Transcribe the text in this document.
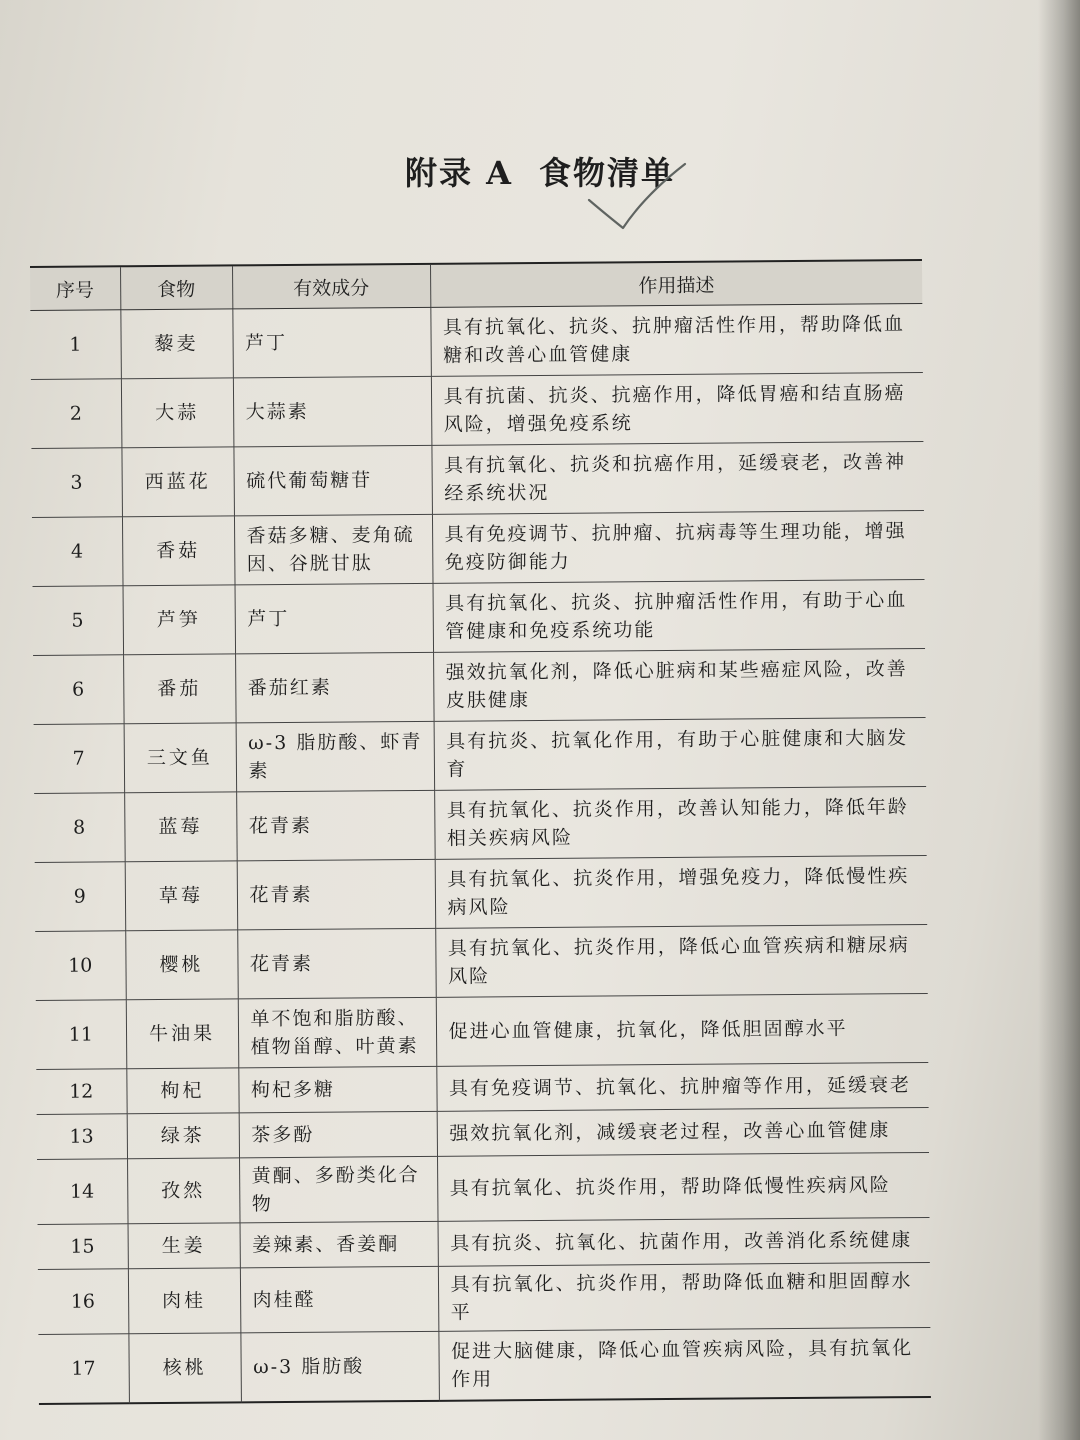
附录 A 食物清单
序号	食物	有效成分	作用描述
1	藜麦	芦丁	具有抗氧化、抗炎、抗肿瘤活性作用，帮助降低血糖和改善心血管健康
2	大蒜	大蒜素	具有抗菌、抗炎、抗癌作用，降低胃癌和结直肠癌风险，增强免疫系统
3	西蓝花	硫代葡萄糖苷	具有抗氧化、抗炎和抗癌作用，延缓衰老，改善神经系统状况
4	香菇	香菇多糖、麦角硫因、谷胱甘肽	具有免疫调节、抗肿瘤、抗病毒等生理功能，增强免疫防御能力
5	芦笋	芦丁	具有抗氧化、抗炎、抗肿瘤活性作用，有助于心血管健康和免疫系统功能
6	番茄	番茄红素	强效抗氧化剂，降低心脏病和某些癌症风险，改善皮肤健康
7	三文鱼	ω-3 脂肪酸、虾青素	具有抗炎、抗氧化作用，有助于心脏健康和大脑发育
8	蓝莓	花青素	具有抗氧化、抗炎作用，改善认知能力，降低年龄相关疾病风险
9	草莓	花青素	具有抗氧化、抗炎作用，增强免疫力，降低慢性疾病风险
10	樱桃	花青素	具有抗氧化、抗炎作用，降低心血管疾病和糖尿病风险
11	牛油果	单不饱和脂肪酸、植物甾醇、叶黄素	促进心血管健康，抗氧化，降低胆固醇水平
12	枸杞	枸杞多糖	具有免疫调节、抗氧化、抗肿瘤等作用，延缓衰老
13	绿茶	茶多酚	强效抗氧化剂，减缓衰老过程，改善心血管健康
14	孜然	黄酮、多酚类化合物	具有抗氧化、抗炎作用，帮助降低慢性疾病风险
15	生姜	姜辣素、香姜酮	具有抗炎、抗氧化、抗菌作用，改善消化系统健康
16	肉桂	肉桂醛	具有抗氧化、抗炎作用，帮助降低血糖和胆固醇水平
17	核桃	ω-3 脂肪酸	促进大脑健康，降低心血管疾病风险，具有抗氧化作用
